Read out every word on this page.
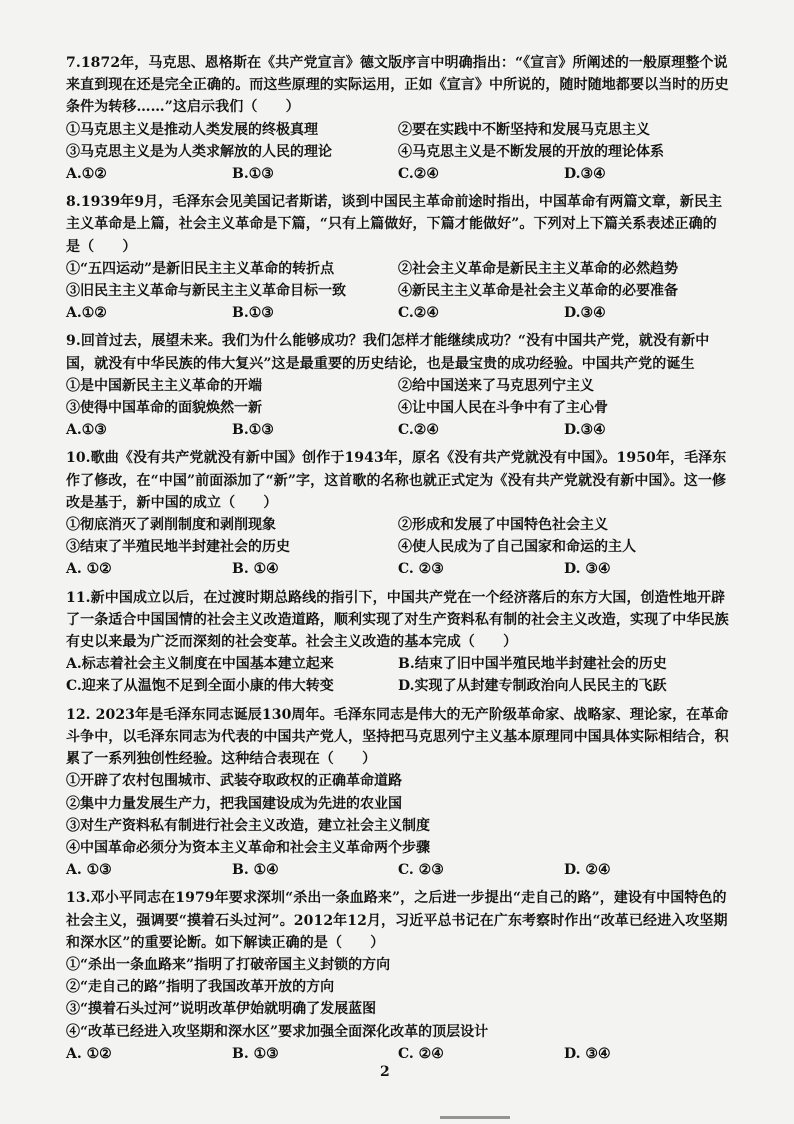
7.1872年，马克思、恩格斯在《共产党宣言》德文版序言中明确指出：“《宣言》所阐述的一般原理整个说来直到现在还是完全正确的。而这些原理的实际运用，正如《宣言》中所说的，随时随地都要以当时的历史条件为转移……”这启示我们（　　）

①马克思主义是推动人类发展的终极真理	②要在实践中不断坚持和发展马克思主义
③马克思主义是为人类求解放的人民的理论	④马克思主义是不断发展的开放的理论体系
A.①②	B.①③	C.②④	D.③④

8.1939年9月，毛泽东会见美国记者斯诺，谈到中国民主革命前途时指出，中国革命有两篇文章，新民主主义革命是上篇，社会主义革命是下篇，“只有上篇做好，下篇才能做好”。下列对上下篇关系表述正确的是（　　）

①“五四运动”是新旧民主主义革命的转折点	②社会主义革命是新民主主义革命的必然趋势
③旧民主主义革命与新民主主义革命目标一致	④新民主主义革命是社会主义革命的必要准备
A.①②	B.①③	C.②④	D.③④

9.回首过去，展望未来。我们为什么能够成功？我们怎样才能继续成功？“没有中国共产党，就没有新中国，就没有中华民族的伟大复兴”这是最重要的历史结论，也是最宝贵的成功经验。中国共产党的诞生

①是中国新民主主义革命的开端	②给中国送来了马克思列宁主义
③使得中国革命的面貌焕然一新	④让中国人民在斗争中有了主心骨
A.①③	B.①③	C.②④	D.③④

10.歌曲《没有共产党就没有新中国》创作于1943年，原名《没有共产党就没有中国》。1950年，毛泽东作了修改，在“中国”前面添加了“新”字，这首歌的名称也就正式定为《没有共产党就没有新中国》。这一修改是基于，新中国的成立（　　）

①彻底消灭了剥削制度和剥削现象	②形成和发展了中国特色社会主义
③结束了半殖民地半封建社会的历史	④使人民成为了自己国家和命运的主人
A. ①②	B. ①④	C. ②③	D. ③④

11.新中国成立以后，在过渡时期总路线的指引下，中国共产党在一个经济落后的东方大国，创造性地开辟了一条适合中国国情的社会主义改造道路，顺利实现了对生产资料私有制的社会主义改造，实现了中华民族有史以来最为广泛而深刻的社会变革。社会主义改造的基本完成（　　）

A.标志着社会主义制度在中国基本建立起来	B.结束了旧中国半殖民地半封建社会的历史
C.迎来了从温饱不足到全面小康的伟大转变	D.实现了从封建专制政治向人民民主的飞跃

12. 2023年是毛泽东同志诞辰130周年。毛泽东同志是伟大的无产阶级革命家、战略家、理论家，在革命斗争中，以毛泽东同志为代表的中国共产党人，坚持把马克思列宁主义基本原理同中国具体实际相结合，积累了一系列独创性经验。这种结合表现在（　　）

①开辟了农村包围城市、武装夺取政权的正确革命道路
②集中力量发展生产力，把我国建设成为先进的农业国
③对生产资料私有制进行社会主义改造，建立社会主义制度
④中国革命必须分为资本主义革命和社会主义革命两个步骤
A. ①③	B. ①④	C. ②③	D. ②④

13.邓小平同志在1979年要求深圳“杀出一条血路来”，之后进一步提出“走自己的路”，建设有中国特色的社会主义，强调要“摸着石头过河”。2012年12月，习近平总书记在广东考察时作出“改革已经进入攻坚期和深水区”的重要论断。如下解读正确的是（　　）

①“杀出一条血路来”指明了打破帝国主义封锁的方向
②“走自己的路”指明了我国改革开放的方向
③“摸着石头过河”说明改革伊始就明确了发展蓝图
④“改革已经进入攻坚期和深水区”要求加强全面深化改革的顶层设计
A. ①②	B. ①③	C. ②④	D. ③④
2
